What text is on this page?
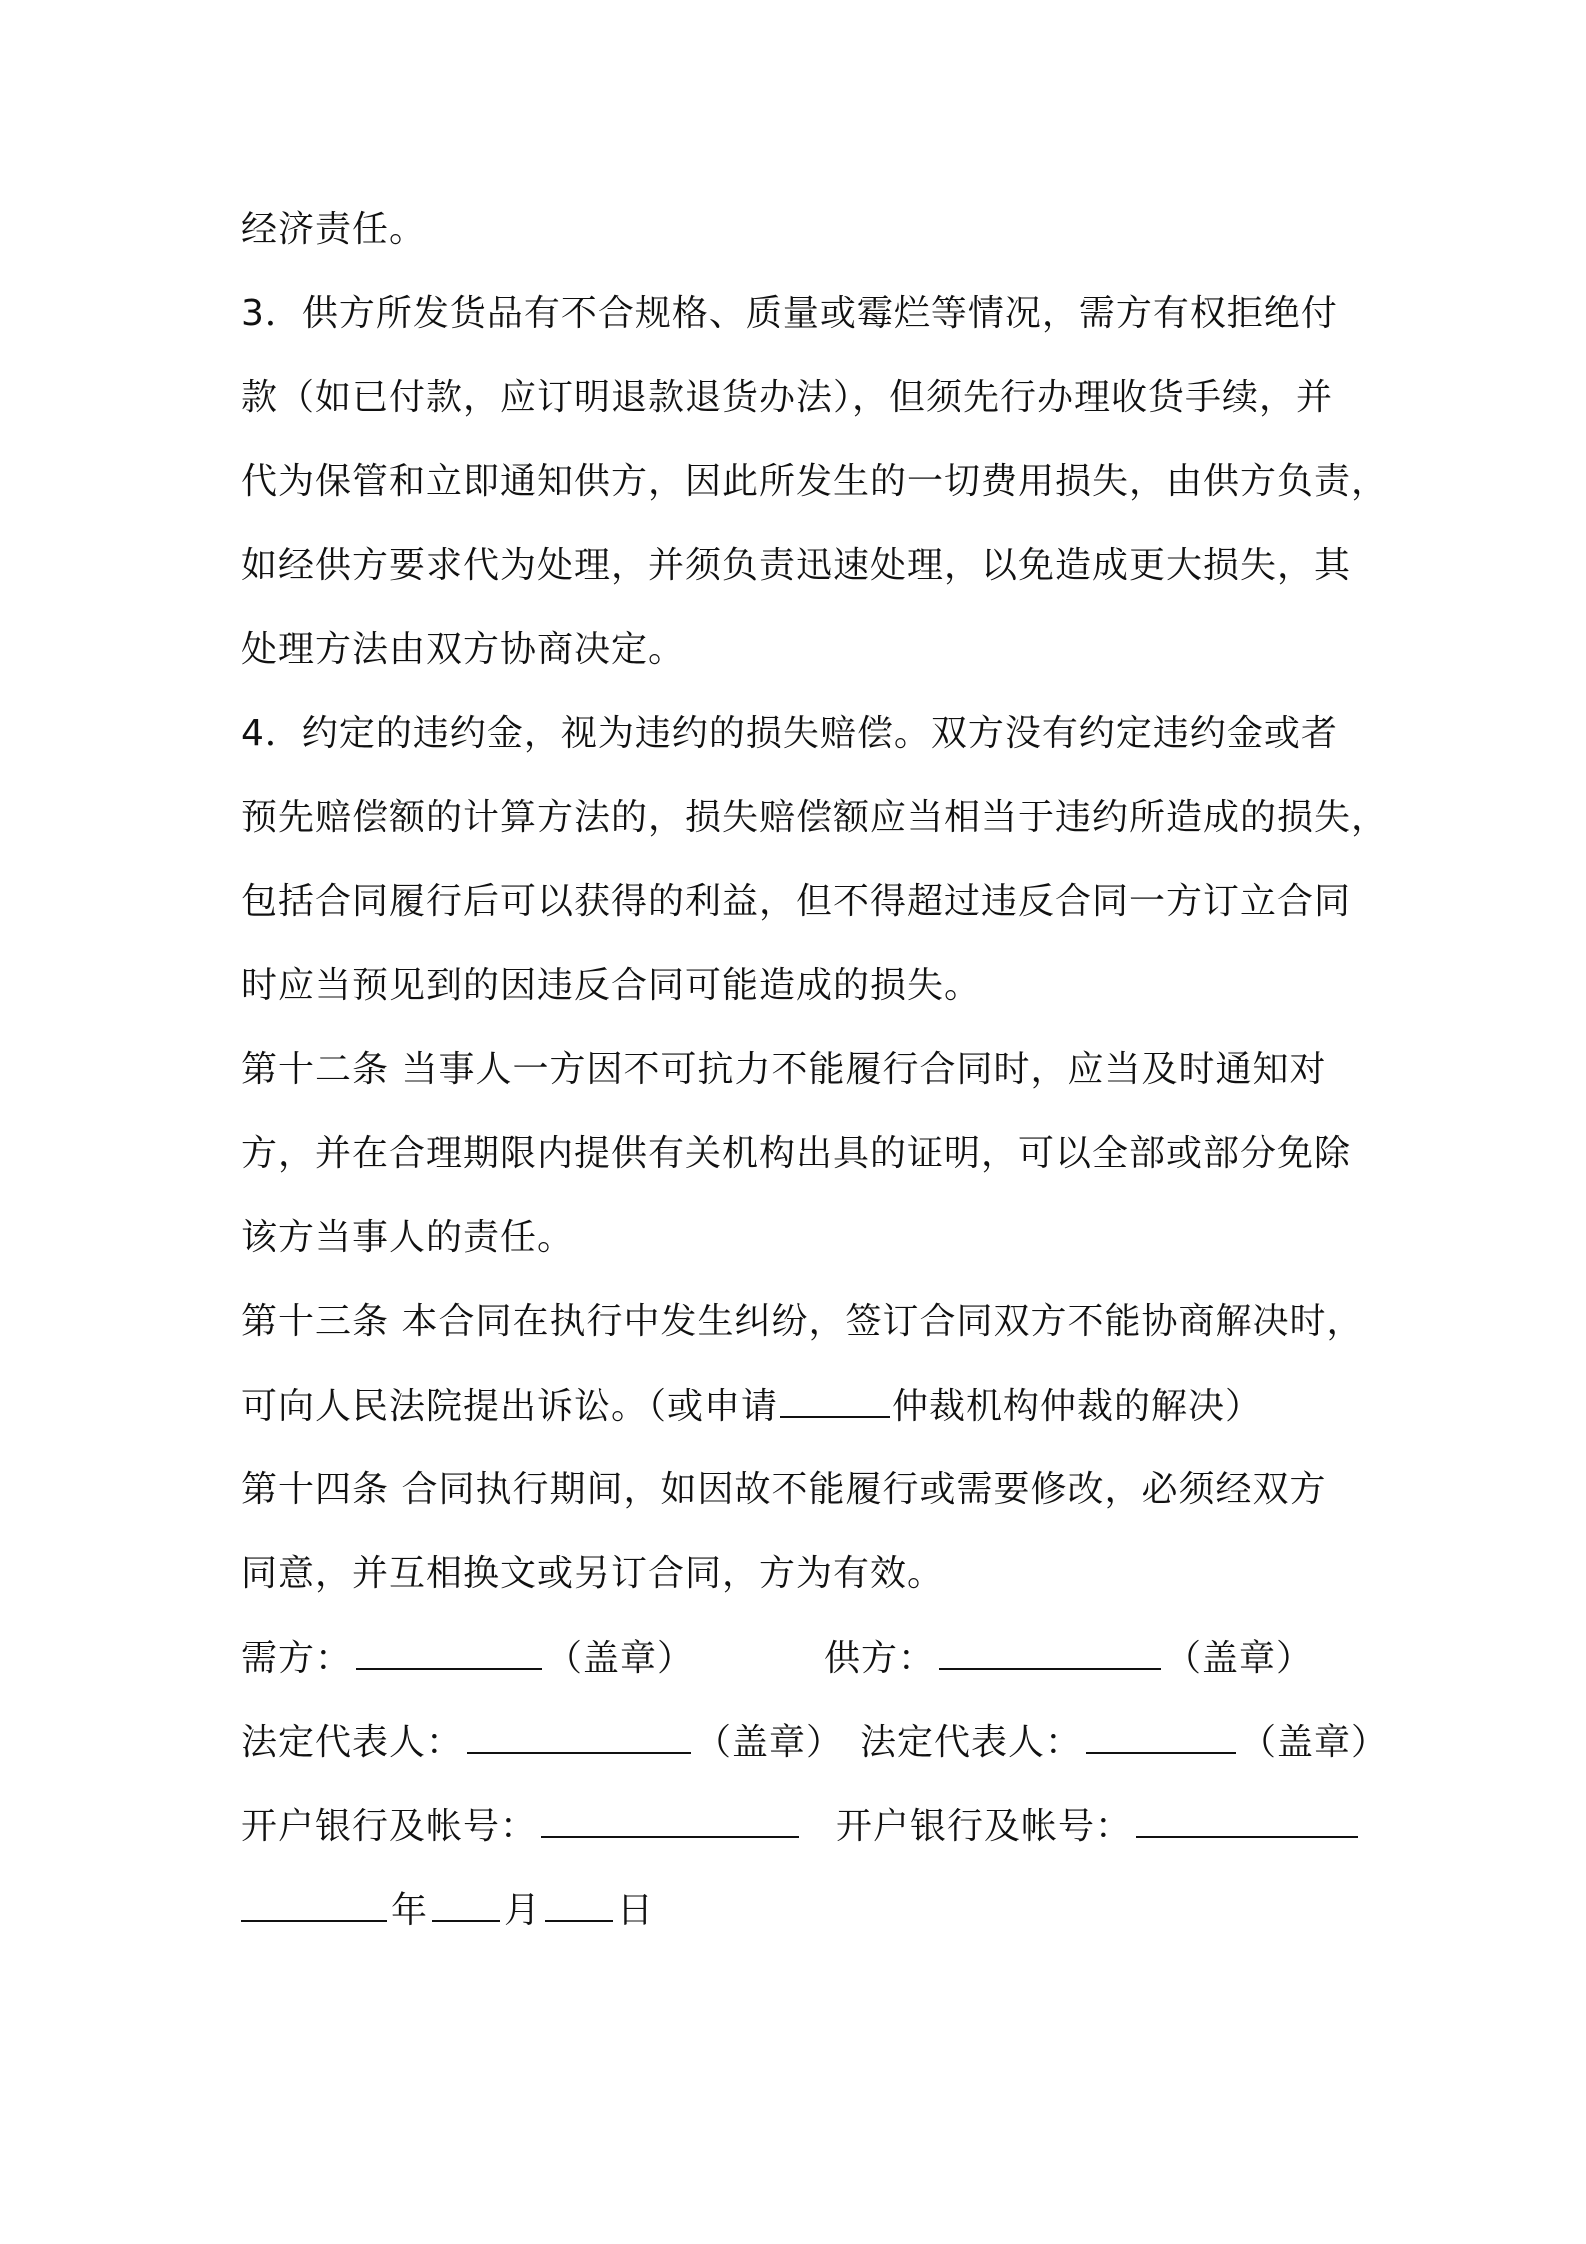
经济责任。
3．供方所发货品有不合规格、质量或霉烂等情况，需方有权拒绝付
款（如已付款，应订明退款退货办法），但须先行办理收货手续，并
代为保管和立即通知供方，因此所发生的一切费用损失，由供方负责，
如经供方要求代为处理，并须负责迅速处理，以免造成更大损失，其
处理方法由双方协商决定。
4．约定的违约金，视为违约的损失赔偿。双方没有约定违约金或者
预先赔偿额的计算方法的，损失赔偿额应当相当于违约所造成的损失，
包括合同履行后可以获得的利益，但不得超过违反合同一方订立合同
时应当预见到的因违反合同可能造成的损失。
第十二条 当事人一方因不可抗力不能履行合同时，应当及时通知对
方，并在合理期限内提供有关机构出具的证明，可以全部或部分免除
该方当事人的责任。
第十三条 本合同在执行中发生纠纷，签订合同双方不能协商解决时，
可向人民法院提出诉讼。（或申请	仲裁机构仲裁的解决）
第十四条 合同执行期间，如因故不能履行或需要修改，必须经双方
同意，并互相换文或另订合同，方为有效。
需方：	（盖章）	供方：	（盖章）
法定代表人：	（盖章） 法定代表人：	（盖章）
开户银行及帐号：	开户银行及帐号：
年 月 日
